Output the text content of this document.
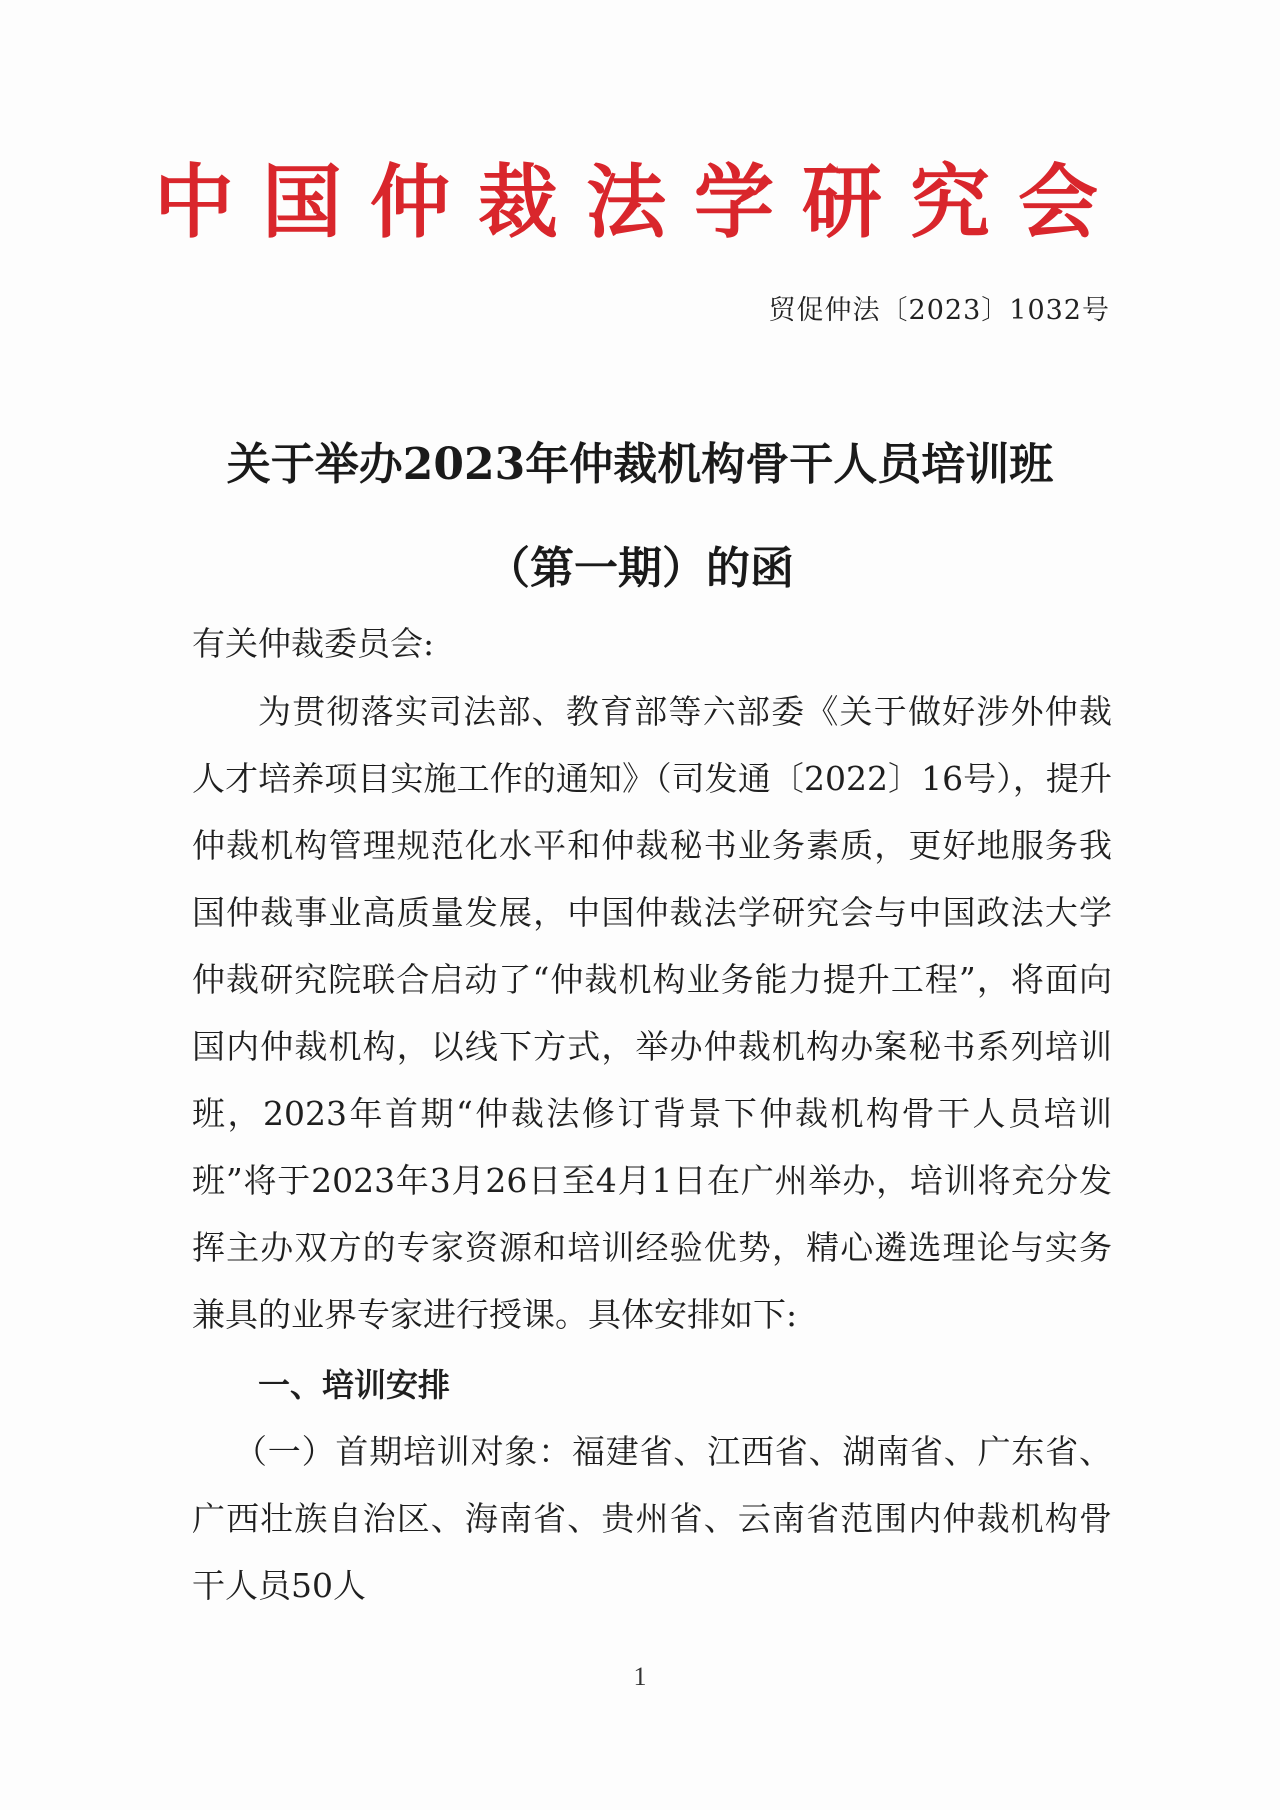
中国仲裁法学研究会
贸促仲法〔2023〕1032号
关于举办2023年仲裁机构骨干人员培训班
（第一期）的函
有关仲裁委员会:
为贯彻落实司法部、教育部等六部委《关于做好涉外仲裁人才培养项目实施工作的通知》（司发通〔2022〕16号），提升仲裁机构管理规范化水平和仲裁秘书业务素质，更好地服务我国仲裁事业高质量发展，中国仲裁法学研究会与中国政法大学仲裁研究院联合启动了“仲裁机构业务能力提升工程”，将面向国内仲裁机构，以线下方式，举办仲裁机构办案秘书系列培训班，2023年首期“仲裁法修订背景下仲裁机构骨干人员培训班”将于2023年3月26日至4月1日在广州举办，培训将充分发挥主办双方的专家资源和培训经验优势，精心遴选理论与实务兼具的业界专家进行授课。具体安排如下:
一、培训安排
（一）首期培训对象：福建省、江西省、湖南省、广东省、广西壮族自治区、海南省、贵州省、云南省范围内仲裁机构骨干人员50人
1
